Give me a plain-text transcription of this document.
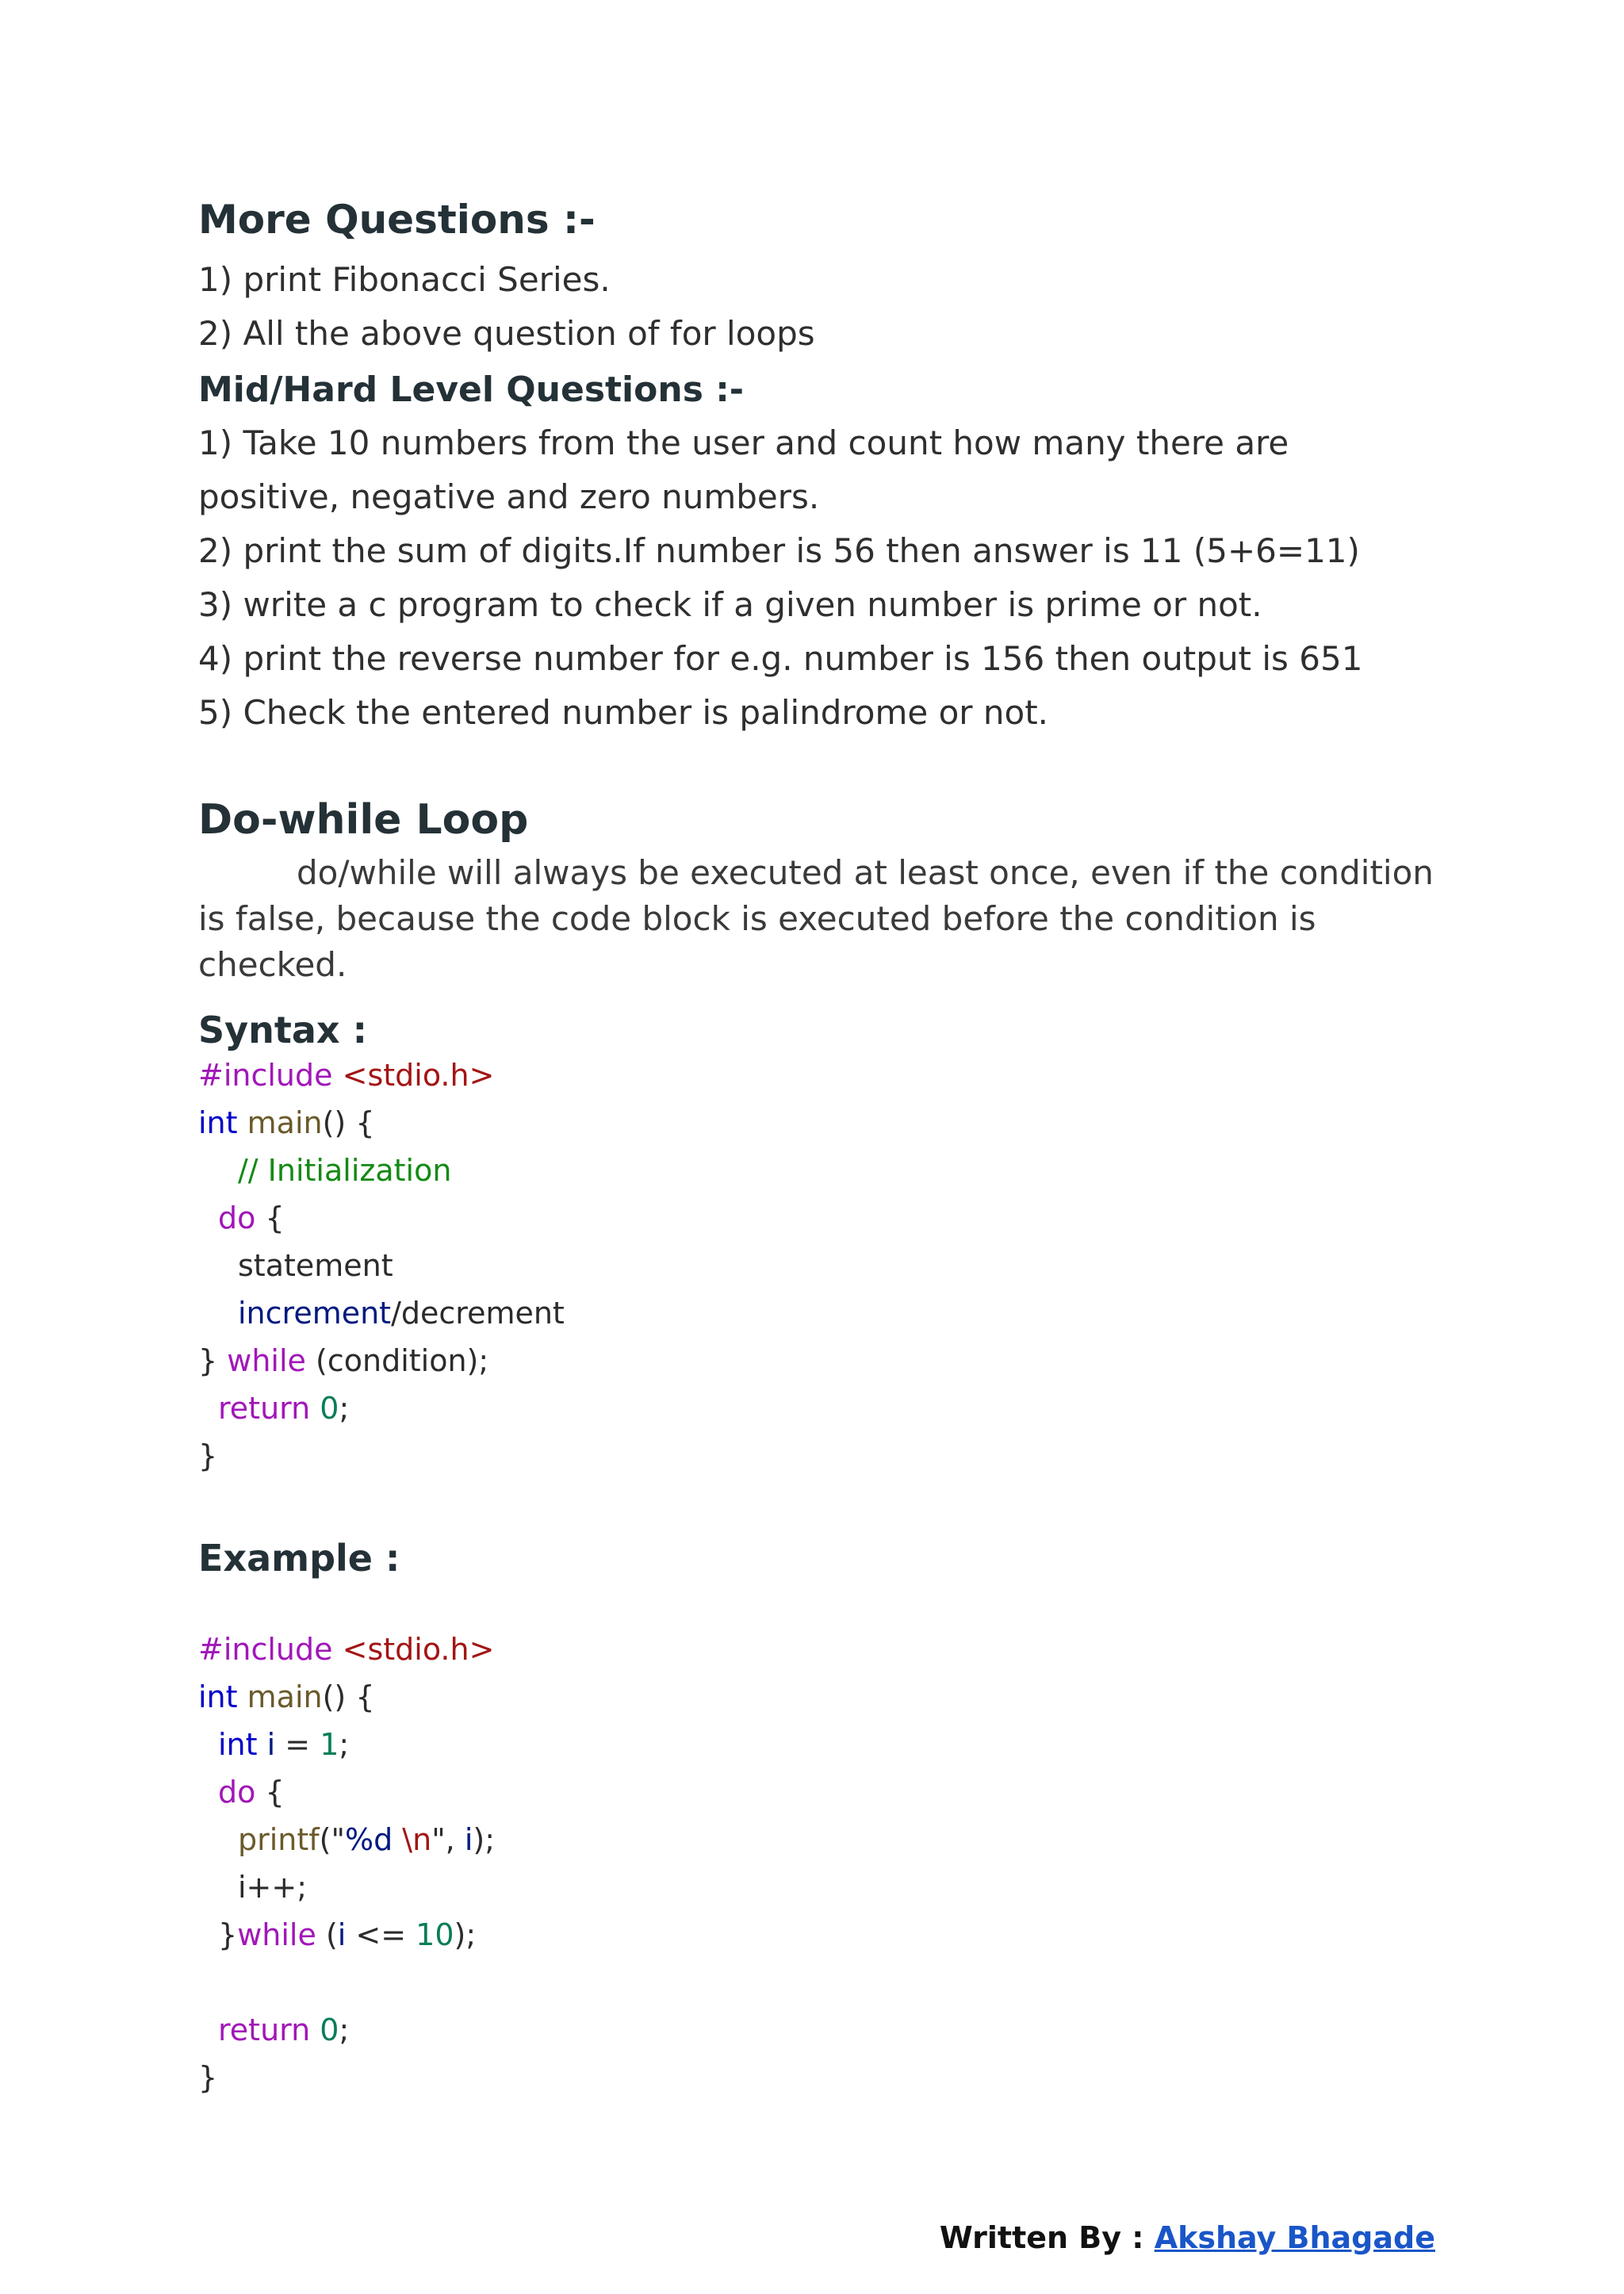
More Questions :-
1) print Fibonacci Series.
2) All the above question of for loops
Mid/Hard Level Questions :-
1) Take 10 numbers from the user and count how many there are
positive, negative and zero numbers.
2) print the sum of digits.If number is 56 then answer is 11 (5+6=11)
3) write a c program to check if a given number is prime or not.
4) print the reverse number for e.g. number is 156 then output is 651
5) Check the entered number is palindrome or not.
Do-while Loop
do/while will always be executed at least once, even if the condition is false, because the code block is executed before the condition is checked.
Syntax :
#include <stdio.h>
int main() {
// Initialization
do {
statement
increment/decrement
} while (condition);
return 0;
}
Example :
#include <stdio.h>
int main() {
int i = 1;
do {
printf("%d \n", i);
i++;
}while (i <= 10);
return 0;
}
Written By : Akshay Bhagade
